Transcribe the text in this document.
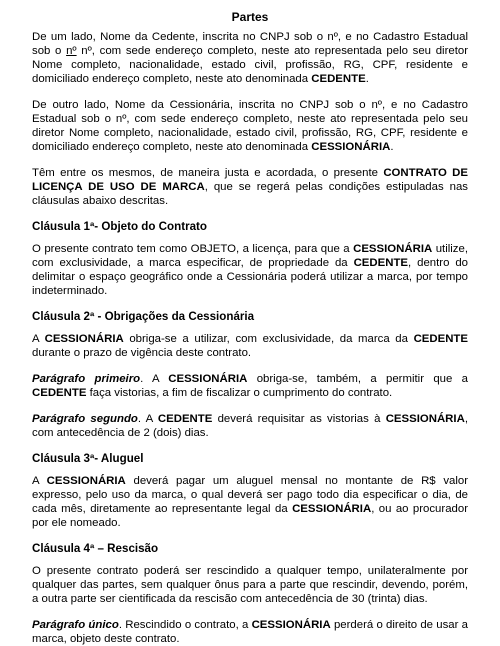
Partes

De um lado, Nome da Cedente, inscrita no CNPJ sob o nº, e no Cadastro Estadual sob o nº nº, com sede endereço completo, neste ato representada pelo seu diretor Nome completo, nacionalidade, estado civil, profissão, RG, CPF, residente e domiciliado endereço completo, neste ato denominada CEDENTE.

De outro lado, Nome da Cessionária, inscrita no CNPJ sob o nº, e no Cadastro Estadual sob o nº, com sede endereço completo, neste ato representada pelo seu diretor Nome completo, nacionalidade, estado civil, profissão, RG, CPF, residente e domiciliado endereço completo, neste ato denominada CESSIONÁRIA.

Têm entre os mesmos, de maneira justa e acordada, o presente CONTRATO DE LICENÇA DE USO DE MARCA, que se regerá pelas condições estipuladas nas cláusulas abaixo descritas.

Cláusula 1ª- Objeto do Contrato

O presente contrato tem como OBJETO, a licença, para que a CESSIONÁRIA utilize, com exclusividade, a marca especificar, de propriedade da CEDENTE, dentro do delimitar o espaço geográfico onde a Cessionária poderá utilizar a marca, por tempo indeterminado.

Cláusula 2ª - Obrigações da Cessionária

A CESSIONÁRIA obriga-se a utilizar, com exclusividade, da marca da CEDENTE durante o prazo de vigência deste contrato.

Parágrafo primeiro. A CESSIONÁRIA obriga-se, também, a permitir que a CEDENTE faça vistorias, a fim de fiscalizar o cumprimento do contrato.

Parágrafo segundo. A CEDENTE deverá requisitar as vistorias à CESSIONÁRIA, com antecedência de 2 (dois) dias.

Cláusula 3ª- Aluguel

A CESSIONÁRIA deverá pagar um aluguel mensal no montante de R$ valor expresso, pelo uso da marca, o qual deverá ser pago todo dia especificar o dia, de cada mês, diretamente ao representante legal da CESSIONÁRIA, ou ao procurador por ele nomeado.

Cláusula 4ª – Rescisão

O presente contrato poderá ser rescindido a qualquer tempo, unilateralmente por qualquer das partes, sem qualquer ônus para a parte que rescindir, devendo, porém, a outra parte ser cientificada da rescisão com antecedência de 30 (trinta) dias.

Parágrafo único. Rescindido o contrato, a CESSIONÁRIA perderá o direito de usar a marca, objeto deste contrato.
